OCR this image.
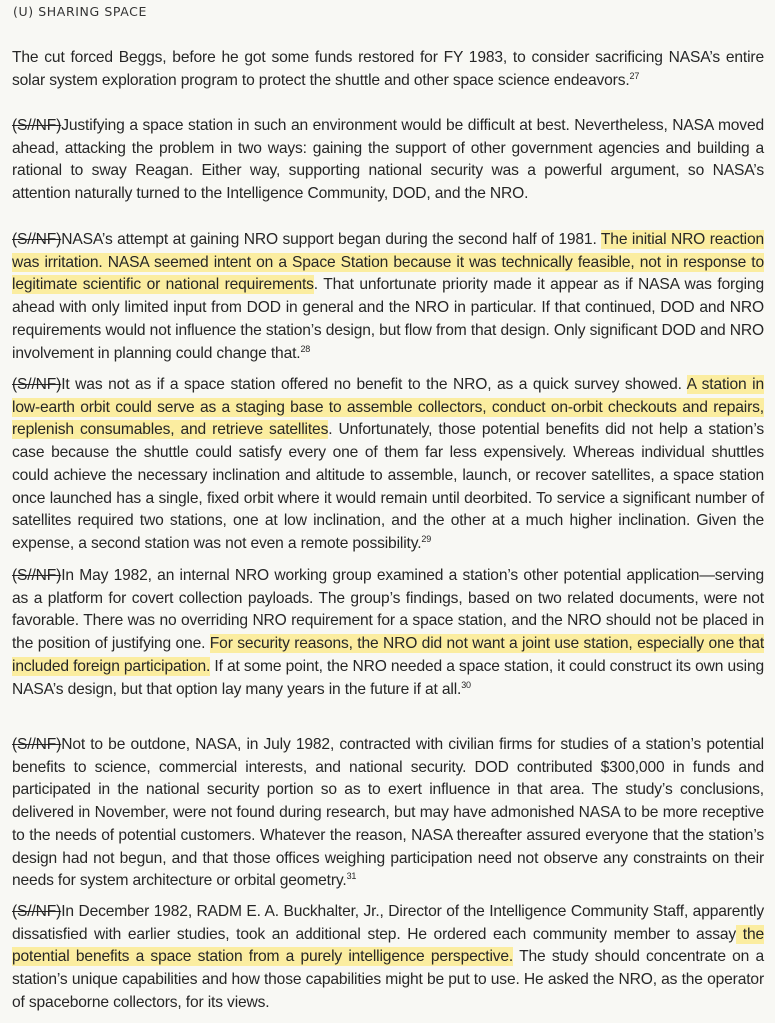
(U) SHARING SPACE

The cut forced Beggs, before he got some funds restored for FY 1983, to consider sacrificing NASA’s entire solar system exploration program to protect the shuttle and other space science endeavors.$^{27}$

(S//NF)Justifying a space station in such an environment would be difficult at best. Nevertheless, NASA moved ahead, attacking the problem in two ways: gaining the support of other government agencies and building a rational to sway Reagan. Either way, supporting national security was a powerful argument, so NASA’s attention naturally turned to the Intelligence Community, DOD, and the NRO.

(S//NF)NASA’s attempt at gaining NRO support began during the second half of 1981. The initial NRO reaction was irritation. NASA seemed intent on a Space Station because it was technically feasible, not in response to legitimate scientific or national requirements. That unfortunate priority made it appear as if NASA was forging ahead with only limited input from DOD in general and the NRO in particular. If that continued, DOD and NRO requirements would not influence the station’s design, but flow from that design. Only significant DOD and NRO involvement in planning could change that.$^{28}$

(S//NF)It was not as if a space station offered no benefit to the NRO, as a quick survey showed. A station in low-earth orbit could serve as a staging base to assemble collectors, conduct on-orbit checkouts and repairs, replenish consumables, and retrieve satellites. Unfortunately, those potential benefits did not help a station’s case because the shuttle could satisfy every one of them far less expensively. Whereas individual shuttles could achieve the necessary inclination and altitude to assemble, launch, or recover satellites, a space station once launched has a single, fixed orbit where it would remain until deorbited. To service a significant number of satellites required two stations, one at low inclination, and the other at a much higher inclination. Given the expense, a second station was not even a remote possibility.$^{29}$

(S//NF)In May 1982, an internal NRO working group examined a station’s other potential application—serving as a platform for covert collection payloads. The group’s findings, based on two related documents, were not favorable. There was no overriding NRO requirement for a space station, and the NRO should not be placed in the position of justifying one. For security reasons, the NRO did not want a joint use station, especially one that included foreign participation. If at some point, the NRO needed a space station, it could construct its own using NASA’s design, but that option lay many years in the future if at all.$^{30}$

(S//NF)Not to be outdone, NASA, in July 1982, contracted with civilian firms for studies of a station’s potential benefits to science, commercial interests, and national security. DOD contributed $300,000 in funds and participated in the national security portion so as to exert influence in that area. The study’s conclusions, delivered in November, were not found during research, but may have admonished NASA to be more receptive to the needs of potential customers. Whatever the reason, NASA thereafter assured everyone that the station’s design had not begun, and that those offices weighing participation need not observe any constraints on their needs for system architecture or orbital geometry.$^{31}$

(S//NF)In December 1982, RADM E. A. Buckhalter, Jr., Director of the Intelligence Community Staff, apparently dissatisfied with earlier studies, took an additional step. He ordered each community member to assay the potential benefits a space station from a purely intelligence perspective. The study should concentrate on a station’s unique capabilities and how those capabilities might be put to use. He asked the NRO, as the operator of spaceborne collectors, for its views.
